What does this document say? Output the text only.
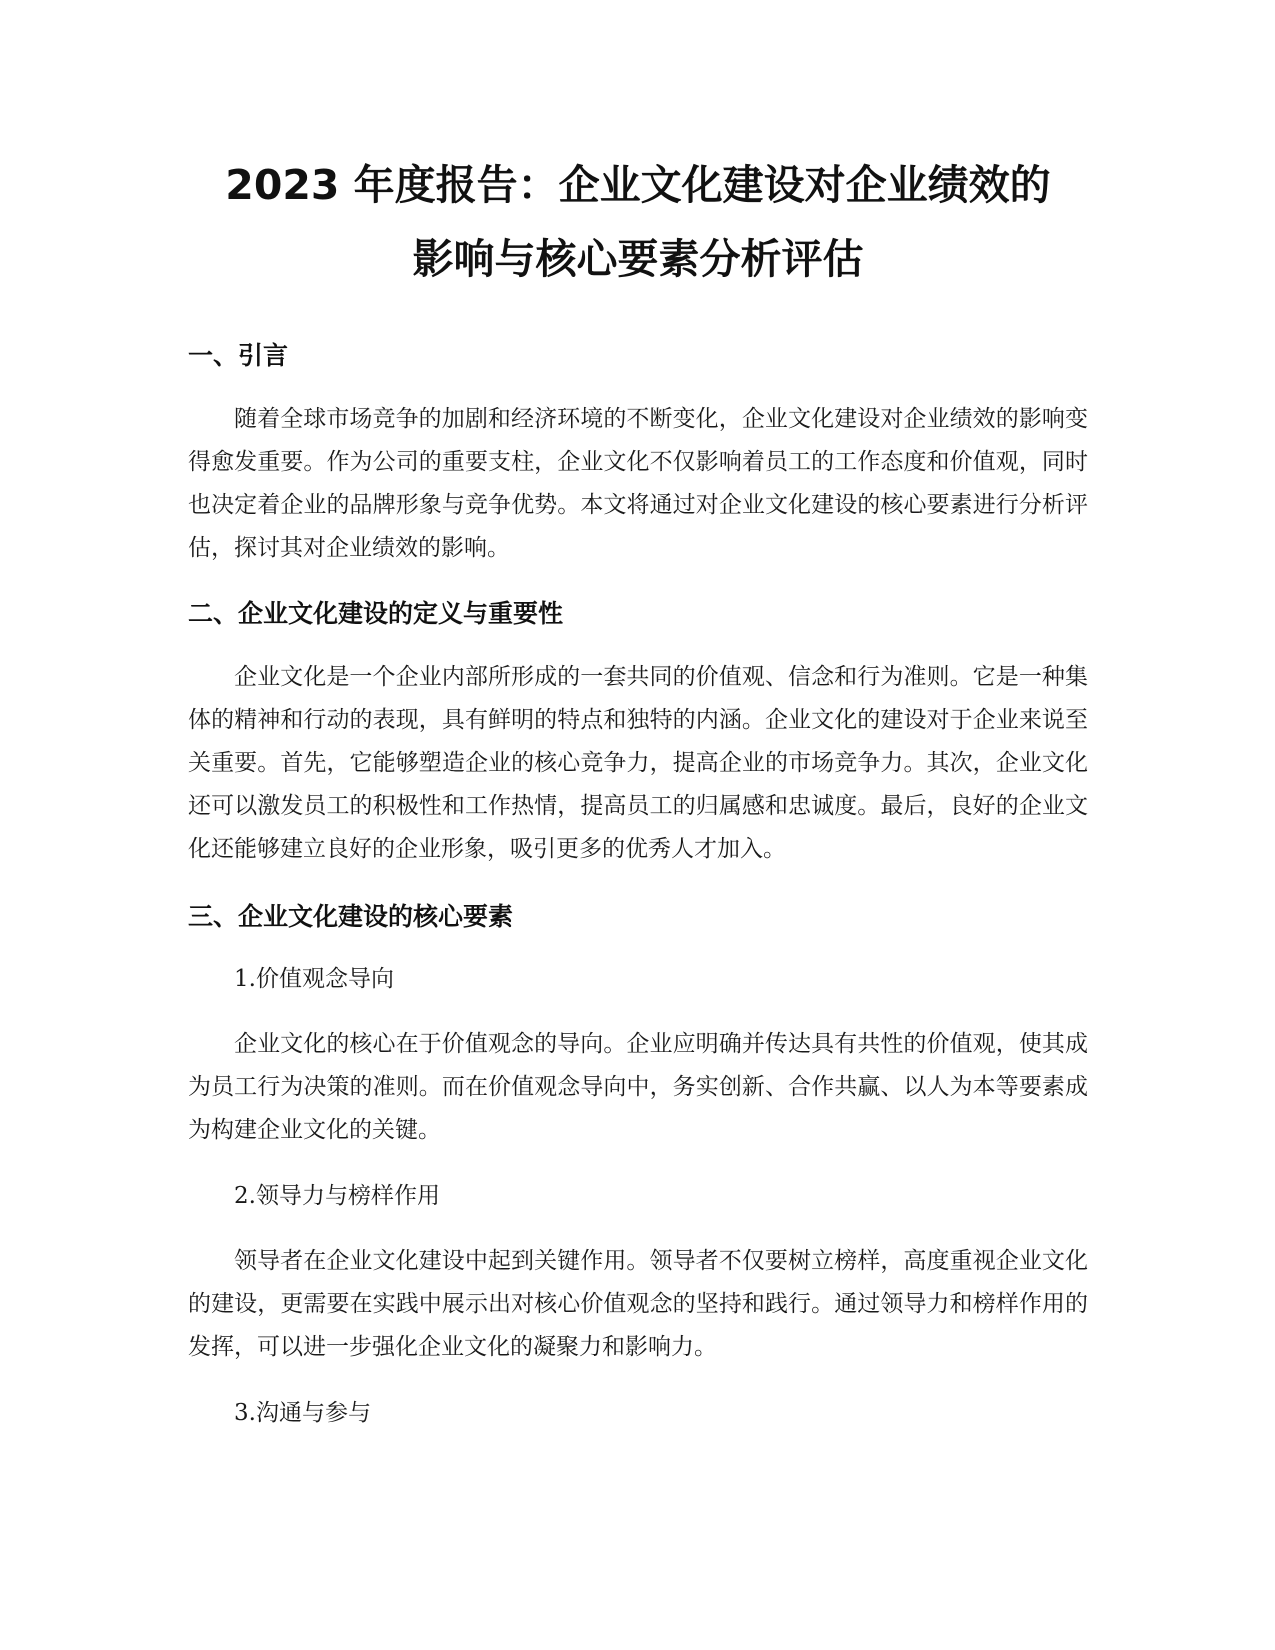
2023 年度报告：企业文化建设对企业绩效的
影响与核心要素分析评估
一、引言

随着全球市场竞争的加剧和经济环境的不断变化，企业文化建设对企业绩效的影响变得愈发重要。作为公司的重要支柱，企业文化不仅影响着员工的工作态度和价值观，同时也决定着企业的品牌形象与竞争优势。本文将通过对企业文化建设的核心要素进行分析评估，探讨其对企业绩效的影响。

二、企业文化建设的定义与重要性

企业文化是一个企业内部所形成的一套共同的价值观、信念和行为准则。它是一种集体的精神和行动的表现，具有鲜明的特点和独特的内涵。企业文化的建设对于企业来说至关重要。首先，它能够塑造企业的核心竞争力，提高企业的市场竞争力。其次，企业文化还可以激发员工的积极性和工作热情，提高员工的归属感和忠诚度。最后，良好的企业文化还能够建立良好的企业形象，吸引更多的优秀人才加入。

三、企业文化建设的核心要素

1.价值观念导向

企业文化的核心在于价值观念的导向。企业应明确并传达具有共性的价值观，使其成为员工行为决策的准则。而在价值观念导向中，务实创新、合作共赢、以人为本等要素成为构建企业文化的关键。

2.领导力与榜样作用

领导者在企业文化建设中起到关键作用。领导者不仅要树立榜样，高度重视企业文化的建设，更需要在实践中展示出对核心价值观念的坚持和践行。通过领导力和榜样作用的发挥，可以进一步强化企业文化的凝聚力和影响力。

3.沟通与参与
